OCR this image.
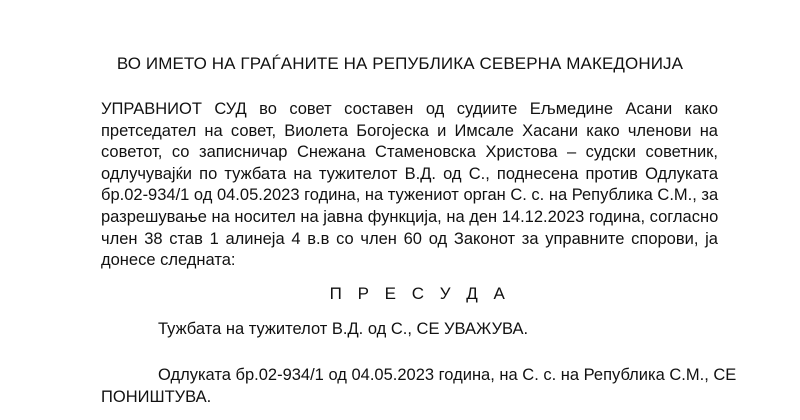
ВО ИМЕТО НА ГРАЃАНИТЕ НА РЕПУБЛИКА СЕВЕРНА МАКЕДОНИЈА
УПРАВНИОТ СУД во совет составен од судиите Ељмедине Асани како
претседател на совет, Виолета Богојеска и Имсале Хасани како членови на
советот, со записничар Снежана Стаменовска Христова – судски советник,
одлучувајќи по тужбата на тужителот В.Д. од С., поднесена против Одлуката
бр.02-934/1 од 04.05.2023 година, на тужениот орган С. с. на Република С.М., за
разрешување на носител на јавна функција, на ден 14.12.2023 година, согласно
член 38 став 1 алинеја 4 в.в со член 60 од Законот за управните спорови, ја
донесе следната:
П Р Е С У Д А
Тужбата на тужителот В.Д. од С., СЕ УВАЖУВА.
Одлуката бр.02-934/1 од 04.05.2023 година, на С. с. на Република С.М., СЕ
ПОНИШТУВА.
